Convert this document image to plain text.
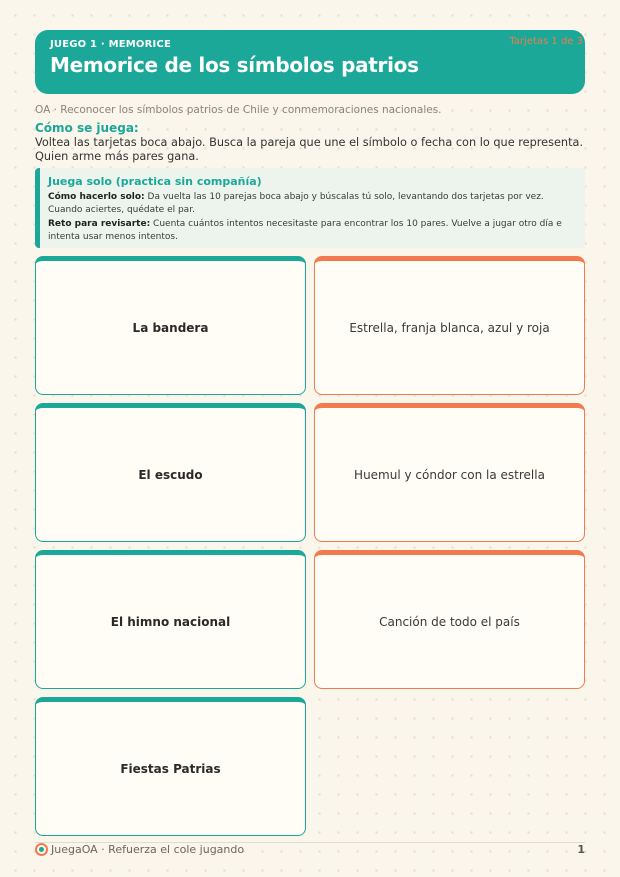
JUEGO 1 · MEMORICE
Memorice de los símbolos patrios
Tarjetas 1 de 3
OA · Reconocer los símbolos patrios de Chile y conmemoraciones nacionales.
Cómo se juega:
Voltea las tarjetas boca abajo. Busca la pareja que une el símbolo o fecha con lo que representa. Quien arme más pares gana.
Juega solo (practica sin compañía)
Cómo hacerlo solo: Da vuelta las 10 parejas boca abajo y búscalas tú solo, levantando dos tarjetas por vez. Cuando aciertes, quédate el par.
Reto para revisarte: Cuenta cuántos intentos necesitaste para encontrar los 10 pares. Vuelve a jugar otro día e intenta usar menos intentos.
La bandera	Estrella, franja blanca, azul y roja
El escudo	Huemul y cóndor con la estrella
El himno nacional	Canción de todo el país
Fiestas Patrias
JuegaOA · Refuerza el cole jugando	1
